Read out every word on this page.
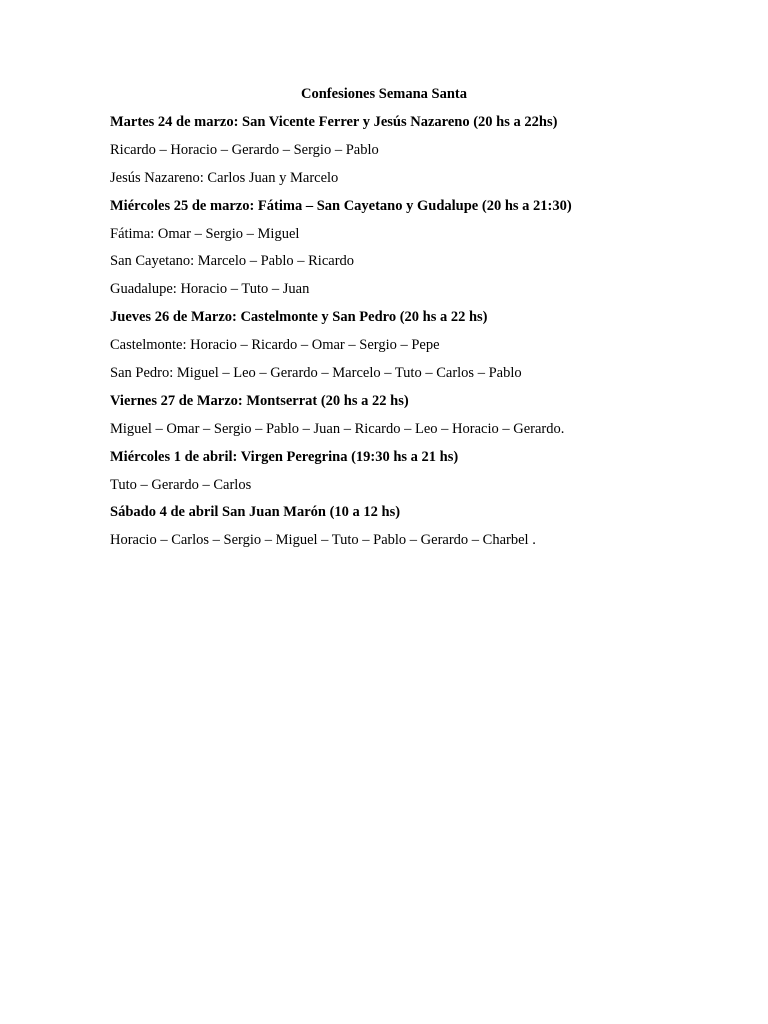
Confesiones Semana Santa
Martes 24 de marzo: San Vicente Ferrer y Jesús Nazareno (20 hs a 22hs)
Ricardo – Horacio – Gerardo – Sergio – Pablo
Jesús Nazareno: Carlos Juan y Marcelo
Miércoles 25 de marzo: Fátima – San Cayetano y Gudalupe (20 hs a 21:30)
Fátima: Omar – Sergio – Miguel
San Cayetano: Marcelo – Pablo – Ricardo
Guadalupe: Horacio – Tuto – Juan
Jueves 26 de Marzo: Castelmonte y San Pedro (20 hs a 22 hs)
Castelmonte: Horacio – Ricardo – Omar – Sergio – Pepe
San Pedro: Miguel – Leo – Gerardo – Marcelo – Tuto – Carlos – Pablo
Viernes 27 de Marzo: Montserrat (20 hs a 22 hs)
Miguel – Omar – Sergio – Pablo – Juan – Ricardo – Leo – Horacio – Gerardo.
Miércoles 1 de abril: Virgen Peregrina (19:30 hs a 21 hs)
Tuto – Gerardo – Carlos
Sábado 4 de abril San Juan Marón (10 a 12 hs)
Horacio – Carlos – Sergio – Miguel – Tuto – Pablo – Gerardo – Charbel .
